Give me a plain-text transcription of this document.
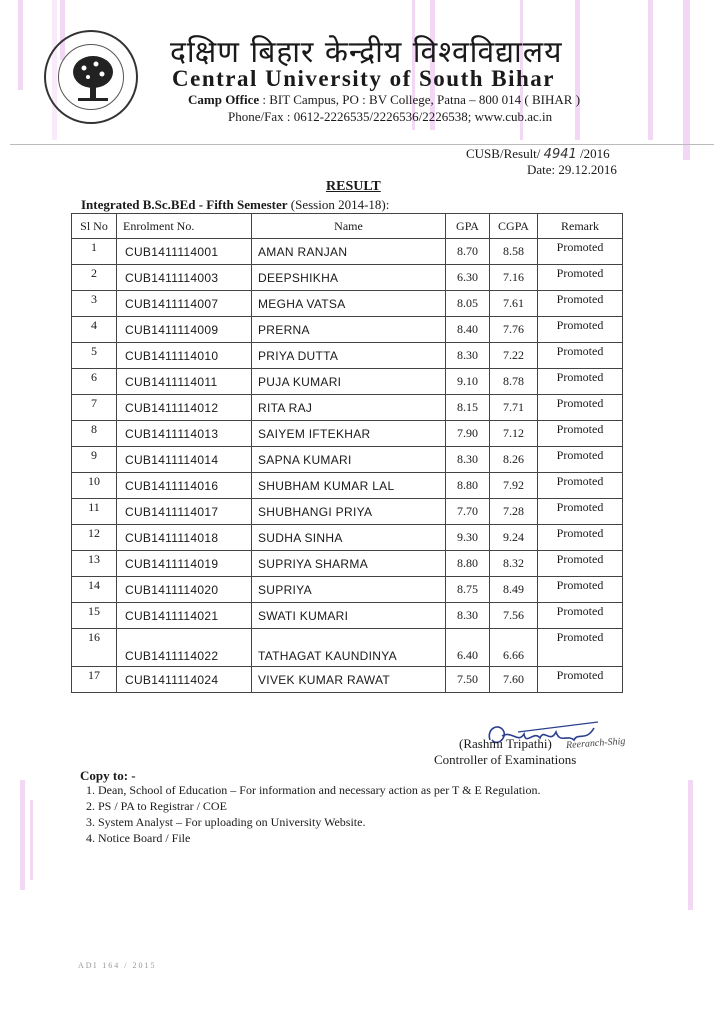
दक्षिण बिहार केन्द्रीय विश्वविद्यालय
Central University of South Bihar
Camp Office : BIT Campus, PO : BV College, Patna – 800 014 ( BIHAR )
Phone/Fax : 0612-2226535/2226536/2226538; www.cub.ac.in
CUSB/Result/ 4941 /2016
Date: 29.12.2016
RESULT
Integrated B.Sc.BEd - Fifth Semester (Session 2014-18):
Sl No	Enrolment No.	Name	GPA	CGPA	Remark
1	CUB1411114001	AMAN RANJAN	8.70	8.58	Promoted
2	CUB1411114003	DEEPSHIKHA	6.30	7.16	Promoted
3	CUB1411114007	MEGHA VATSA	8.05	7.61	Promoted
4	CUB1411114009	PRERNA	8.40	7.76	Promoted
5	CUB1411114010	PRIYA DUTTA	8.30	7.22	Promoted
6	CUB1411114011	PUJA KUMARI	9.10	8.78	Promoted
7	CUB1411114012	RITA RAJ	8.15	7.71	Promoted
8	CUB1411114013	SAIYEM IFTEKHAR	7.90	7.12	Promoted
9	CUB1411114014	SAPNA KUMARI	8.30	8.26	Promoted
10	CUB1411114016	SHUBHAM KUMAR LAL	8.80	7.92	Promoted
11	CUB1411114017	SHUBHANGI PRIYA	7.70	7.28	Promoted
12	CUB1411114018	SUDHA SINHA	9.30	9.24	Promoted
13	CUB1411114019	SUPRIYA SHARMA	8.80	8.32	Promoted
14	CUB1411114020	SUPRIYA	8.75	8.49	Promoted
15	CUB1411114021	SWATI KUMARI	8.30	7.56	Promoted
16	CUB1411114022	TATHAGAT KAUNDINYA	6.40	6.66	Promoted
17	CUB1411114024	VIVEK KUMAR RAWAT	7.50	7.60	Promoted
(Rashmi Tripathi)
Controller of Examinations
Reeranch-Shig
Copy to: -
1. Dean, School of Education – For information and necessary action as per T & E Regulation.
2. PS / PA to Registrar / COE
3. System Analyst – For uploading on University Website.
4. Notice Board / File
ADI 164 / 2015
